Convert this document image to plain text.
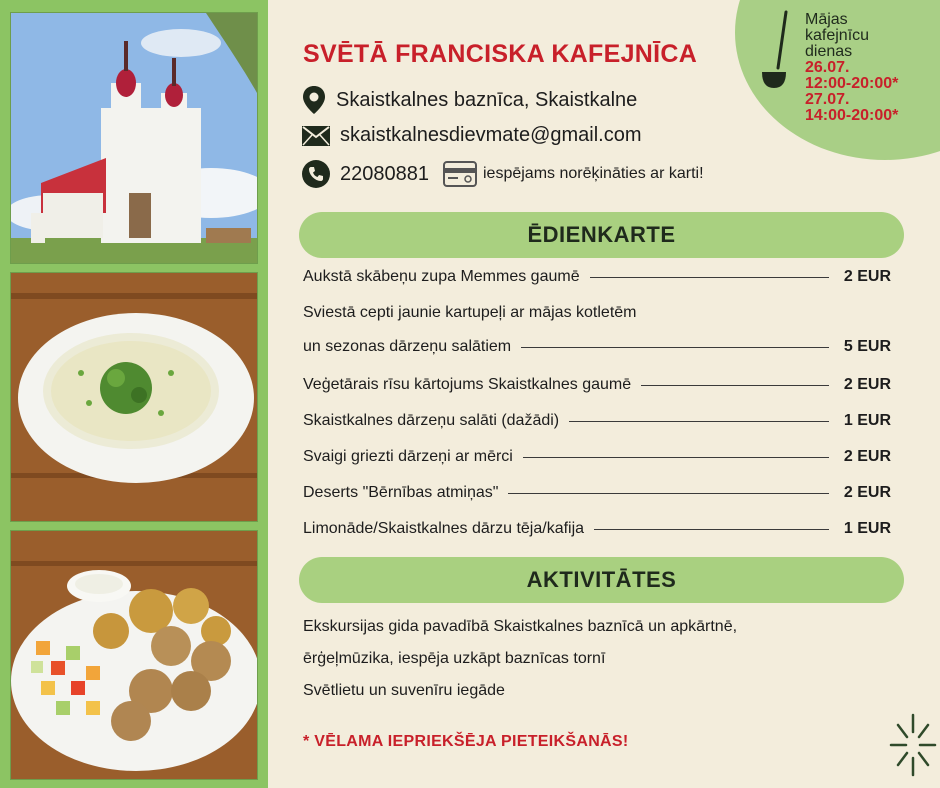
Mājas
kafejnīcu
dienas
26.07.
12:00-20:00*
27.07.
14:00-20:00*
SVĒTĀ FRANCISKA KAFEJNĪCA
Skaistkalnes baznīca, Skaistkalne
skaistkalnesdievmate@gmail.com
22080881	iespējams norēķināties ar karti!
ĒDIENKARTE
Aukstā skābeņu zupa Memmes gaumē	2 EUR
Sviestā cepti jaunie kartupeļi ar mājas kotletēm
un sezonas dārzeņu salātiem	5 EUR
Veģetārais rīsu kārtojums Skaistkalnes gaumē	2 EUR
Skaistkalnes dārzeņu salāti (dažādi)	1 EUR
Svaigi griezti dārzeņi ar mērci	2 EUR
Deserts "Bērnības atmiņas"	2 EUR
Limonāde/Skaistkalnes dārzu tēja/kafija	1 EUR
AKTIVITĀTES
Ekskursijas gida pavadībā Skaistkalnes baznīcā un apkārtnē,
ērģeļmūzika, iespēja uzkāpt baznīcas tornī
Svētlietu un suvenīru iegāde
* VĒLAMA IEPRIEKŠĒJA PIETEIKŠANĀS!
